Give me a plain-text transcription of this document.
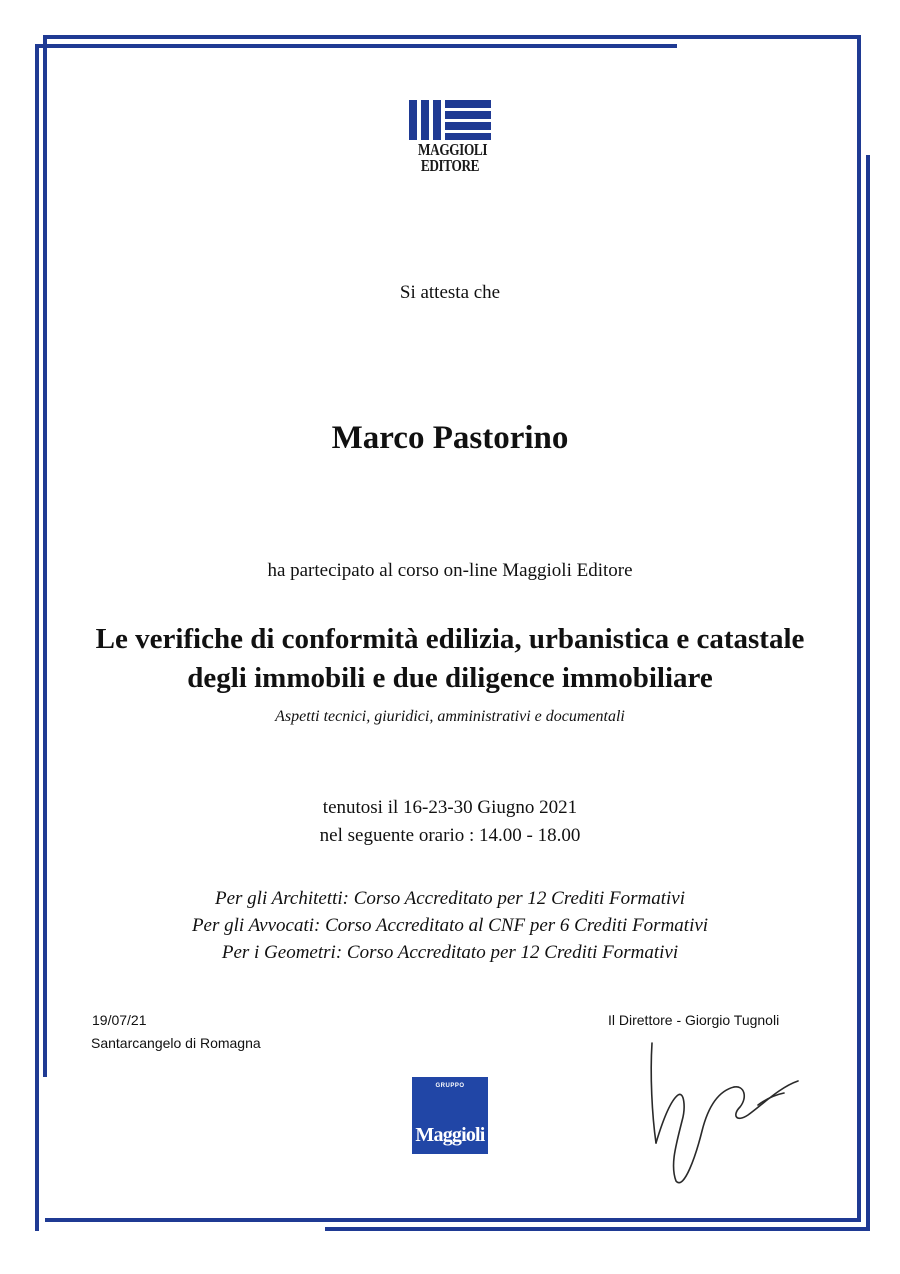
MAGGIOLI
EDITORE
Si attesta che
Marco Pastorino
ha partecipato al corso on-line Maggioli Editore
Le verifiche di conformità edilizia, urbanistica e catastale
degli immobili e due diligence immobiliare
Aspetti tecnici, giuridici, amministrativi e documentali
tenutosi il 16-23-30 Giugno 2021
nel seguente orario : 14.00 - 18.00
Per gli Architetti: Corso Accreditato per 12 Crediti Formativi
Per gli Avvocati: Corso Accreditato al CNF per 6 Crediti Formativi
Per i Geometri: Corso Accreditato per 12 Crediti Formativi
19/07/21
Santarcangelo di Romagna
Il Direttore - Giorgio Tugnoli
GRUPPO
Maggioli
